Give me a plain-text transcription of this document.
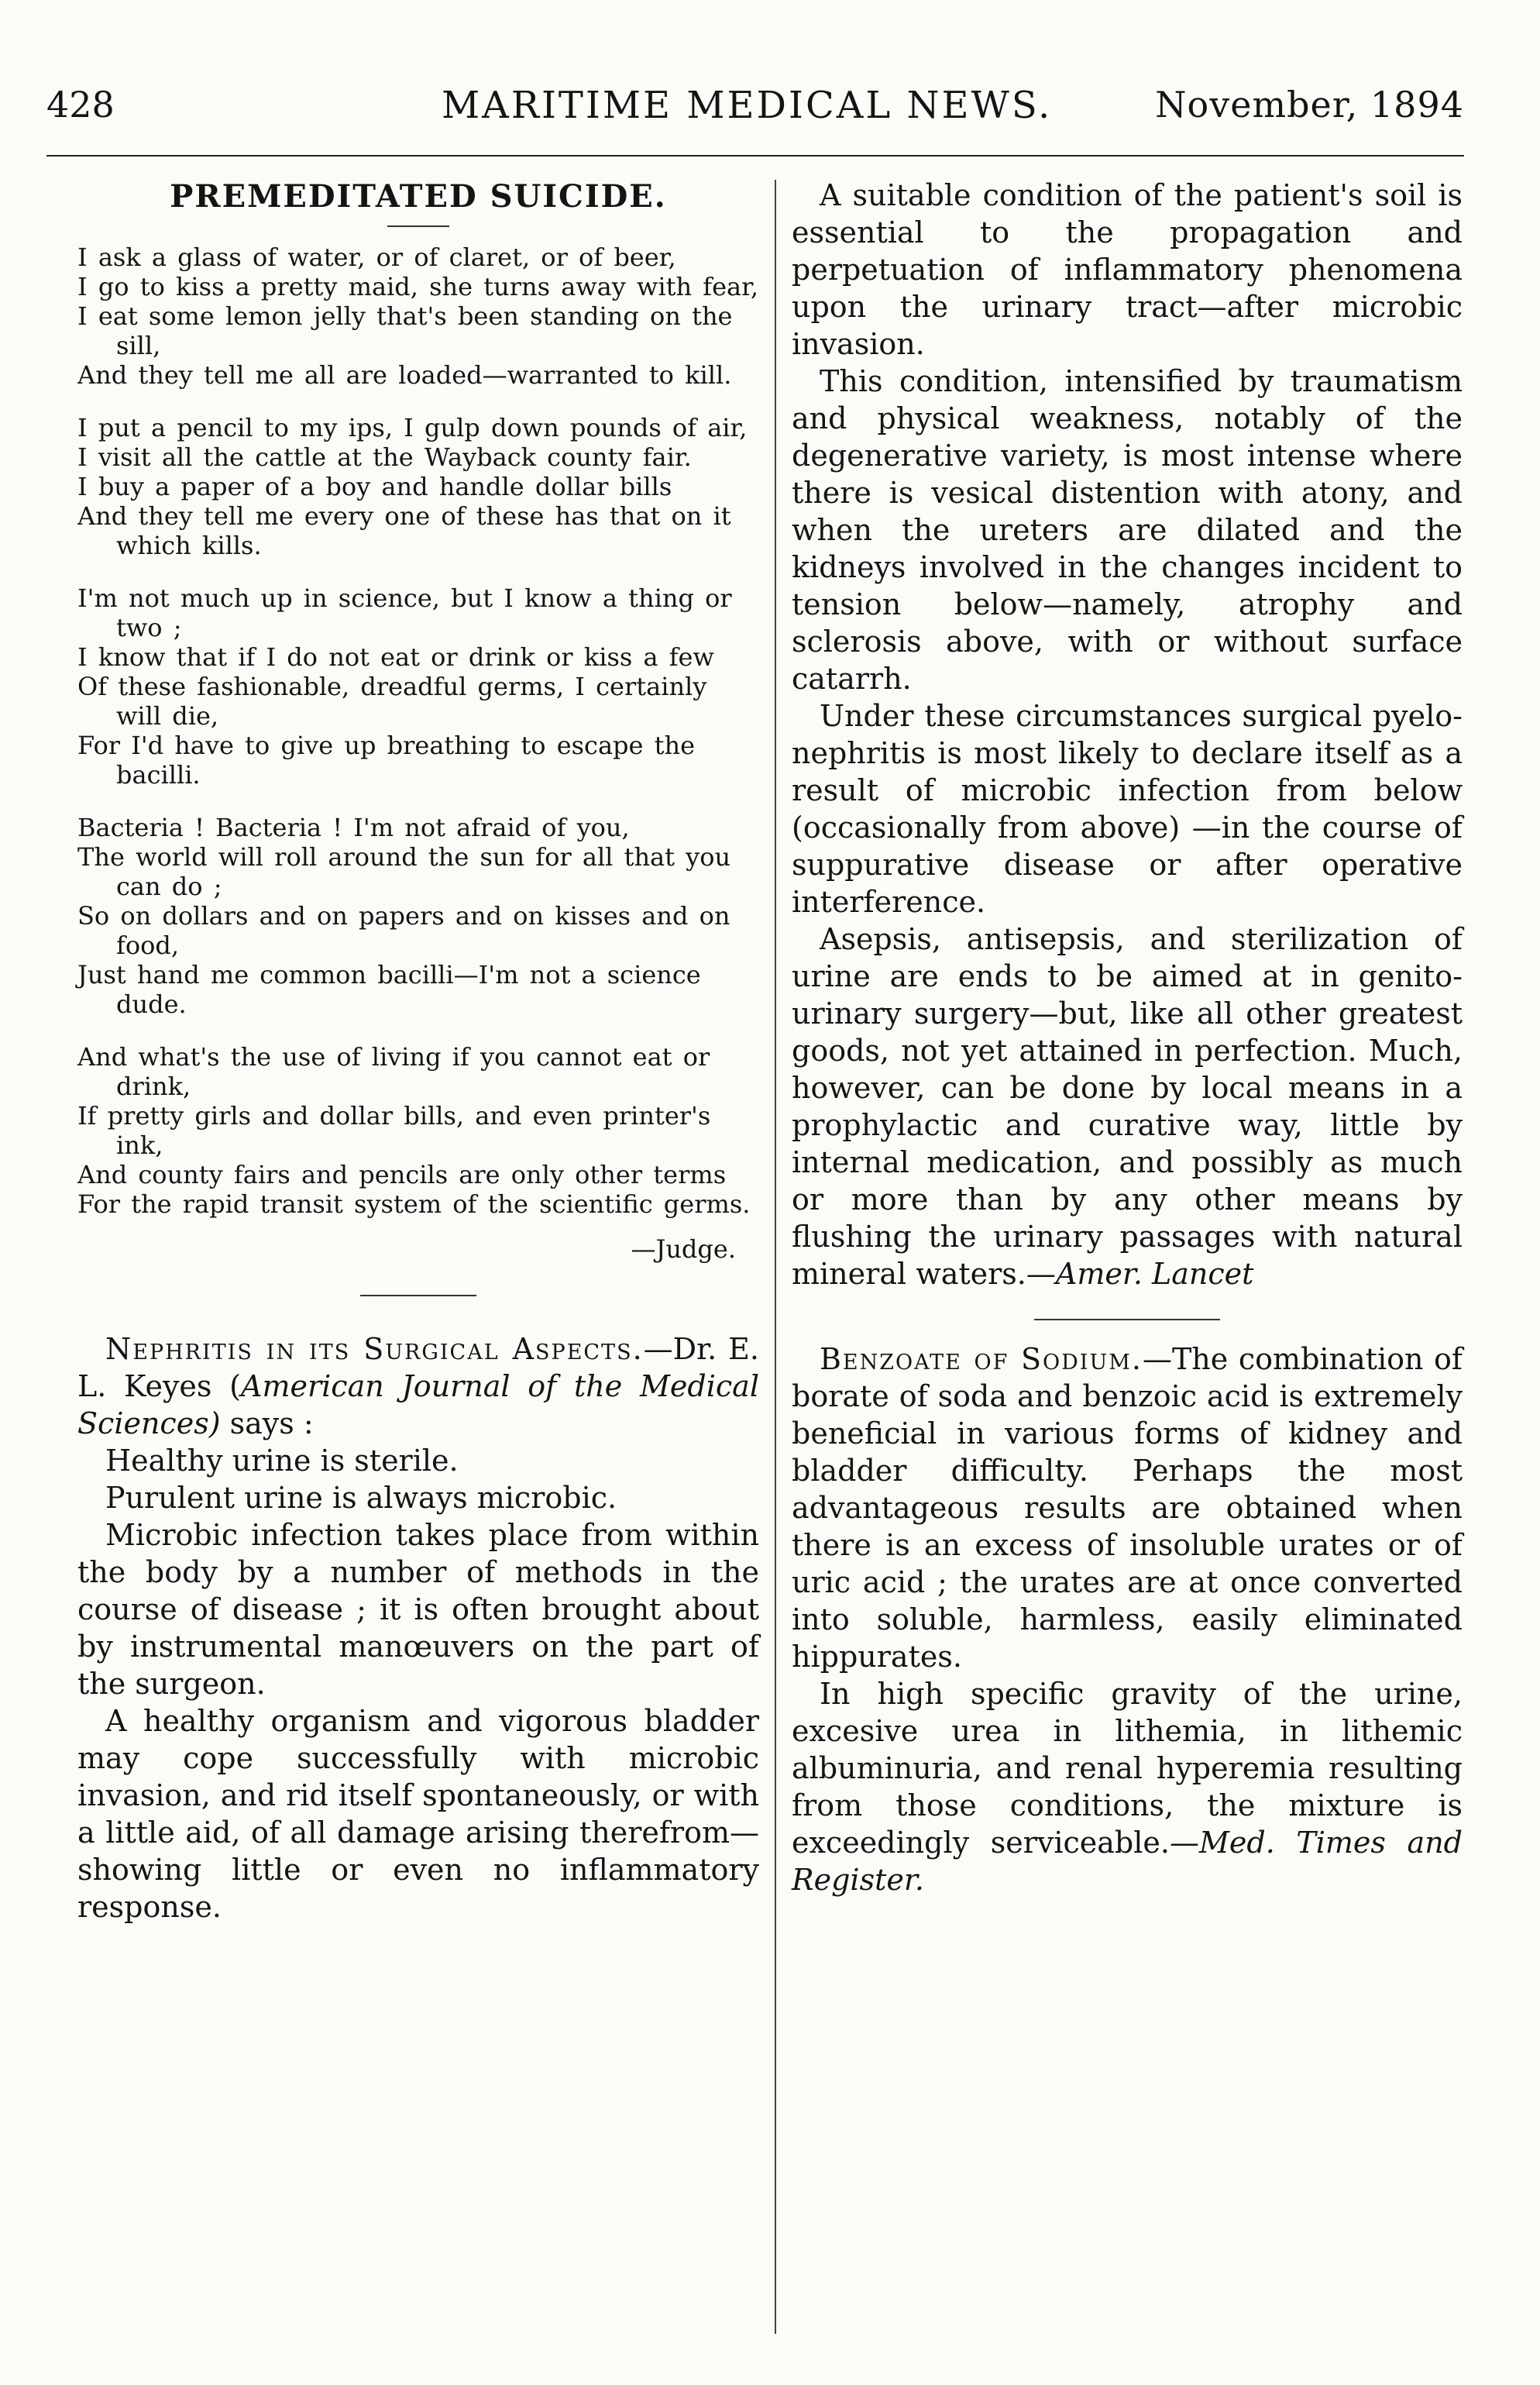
428	MARITIME MEDICAL NEWS.	November, 1894
PREMEDITATED SUICIDE.
I ask a glass of water, or of claret, or of beer,
I go to kiss a pretty maid, she turns away with fear,
I eat some lemon jelly that's been standing on the sill,
And they tell me all are loaded—warranted to kill.
I put a pencil to my ips, I gulp down pounds of air,
I visit all the cattle at the Wayback county fair.
I buy a paper of a boy and handle dollar bills
And they tell me every one of these has that on it which kills.
I'm not much up in science, but I know a thing or two ;
I know that if I do not eat or drink or kiss a few
Of these fashionable, dreadful germs, I certainly will die,
For I'd have to give up breathing to escape the bacilli.
Bacteria ! Bacteria ! I'm not afraid of you,
The world will roll around the sun for all that you can do ;
So on dollars and on papers and on kisses and on food,
Just hand me common bacilli—I'm not a science dude.
And what's the use of living if you cannot eat or drink,
If pretty girls and dollar bills, and even printer's ink,
And county fairs and pencils are only other terms
For the rapid transit system of the scientific germs.
—Judge.

Nephritis in its Surgical Aspects.—Dr. E. L. Keyes (American Journal of the Medical Sciences) says :

Healthy urine is sterile.

Purulent urine is always microbic.

Microbic infection takes place from within the body by a number of methods in the course of disease ; it is often brought about by instrumental manœuvers on the part of the surgeon.

A healthy organism and vigorous bladder may cope successfully with microbic invasion, and rid itself spontaneously, or with a little aid, of all damage arising therefrom—showing little or even no inflammatory response.

A suitable condition of the patient's soil is essential to the propagation and perpetuation of inflammatory phenomena upon the urinary tract—after microbic invasion.

This condition, intensified by traumatism and physical weakness, notably of the degenerative variety, is most intense where there is vesical distention with atony, and when the ureters are dilated and the kidneys involved in the changes incident to tension below—namely, atrophy and sclerosis above, with or without surface catarrh.

Under these circumstances surgical pyelo-nephritis is most likely to declare itself as a result of microbic infection from below (occasionally from above) —in the course of suppurative disease or after operative interference.

Asepsis, antisepsis, and sterilization of urine are ends to be aimed at in genito-urinary surgery—but, like all other greatest goods, not yet attained in perfection. Much, however, can be done by local means in a prophylactic and curative way, little by internal medication, and possibly as much or more than by any other means by flushing the urinary passages with natural mineral waters.—Amer. Lancet

Benzoate of Sodium.—The combination of borate of soda and benzoic acid is extremely beneficial in various forms of kidney and bladder difficulty. Perhaps the most advantageous results are obtained when there is an excess of insoluble urates or of uric acid ; the urates are at once converted into soluble, harmless, easily eliminated hippurates.

In high specific gravity of the urine, excesive urea in lithemia, in lithemic albuminuria, and renal hyperemia resulting from those conditions, the mixture is exceedingly serviceable.—Med. Times and Register.
